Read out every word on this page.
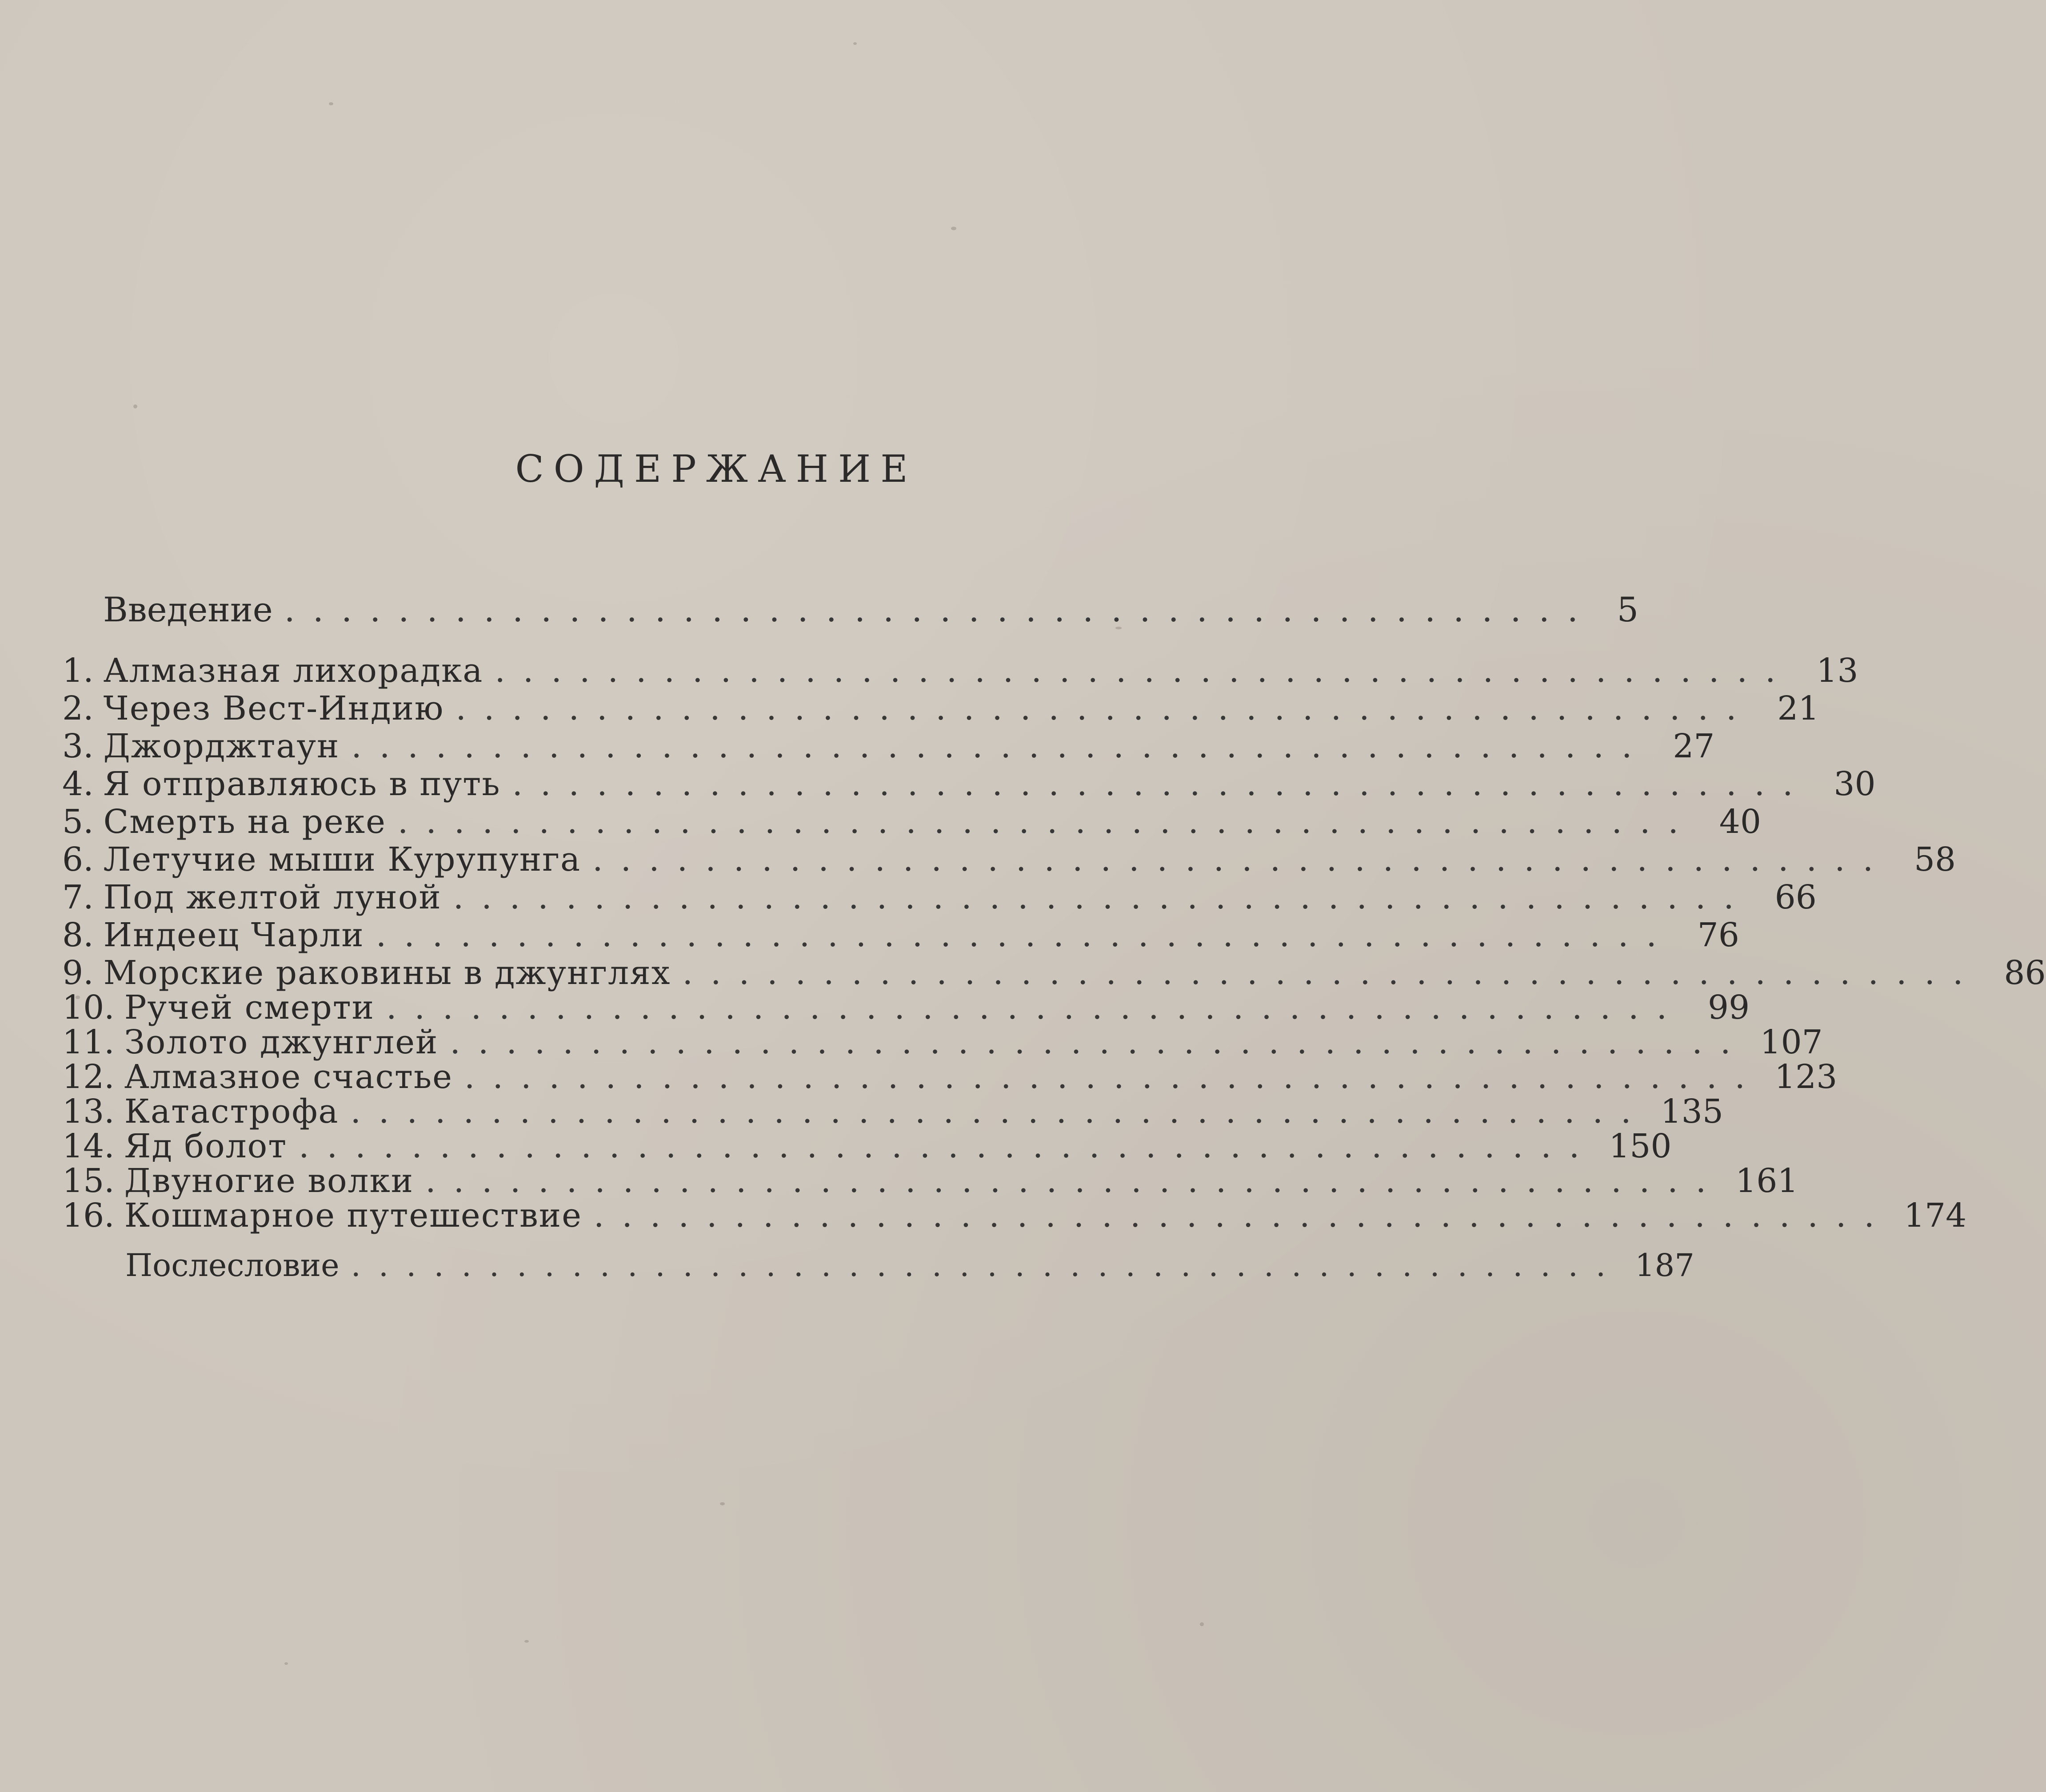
СОДЕРЖАНИЕ
Введение .............................................. 5
1. Алмазная лихорадка .............................................. 13
2. Через Вест-Индию .............................................. 21
3. Джорджтаун .............................................. 27
4. Я отправляюсь в путь .............................................. 30
5. Смерть на реке .............................................. 40
6. Летучие мыши Курупунга .............................................. 58
7. Под желтой луной .............................................. 66
8. Индеец Чарли .............................................. 76
9. Морские раковины в джунглях .............................................. 86
10. Ручей смерти .............................................. 99
11. Золото джунглей .............................................. 107
12. Алмазное счастье .............................................. 123
13. Катастрофа .............................................. 135
14. Яд болот .............................................. 150
15. Двуногие волки .............................................. 161
16. Кошмарное путешествие .............................................. 174
Послесловие .............................................. 187
